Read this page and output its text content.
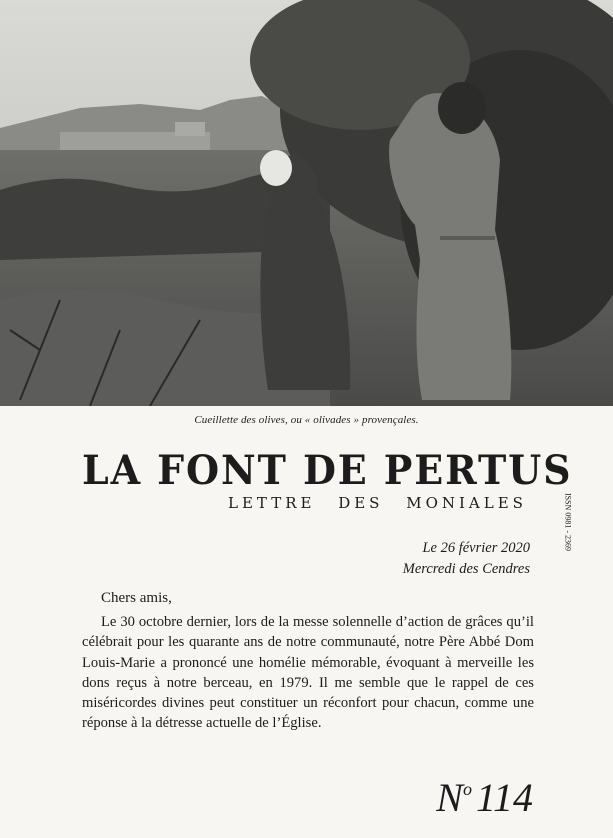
Cueillette des olives, ou « olivades » provençales.
LA FONT DE PERTUS
LETTRE DES MONIALES	ISSN 0981 - 2369
Le 26 février 2020
Mercredi des Cendres
Chers amis,

Le 30 octobre dernier, lors de la messe solennelle d’action de grâces qu’il célébrait pour les quarante ans de notre communauté, notre Père Abbé Dom Louis-Marie a prononcé une homélie mémorable, évoquant à merveille les dons reçus à notre berceau, en 1979. Il me semble que le rappel de ces miséricordes divines peut constituer un réconfort pour chacun, comme une réponse à la détresse actuelle de l’Église.

$N^o$ 114
